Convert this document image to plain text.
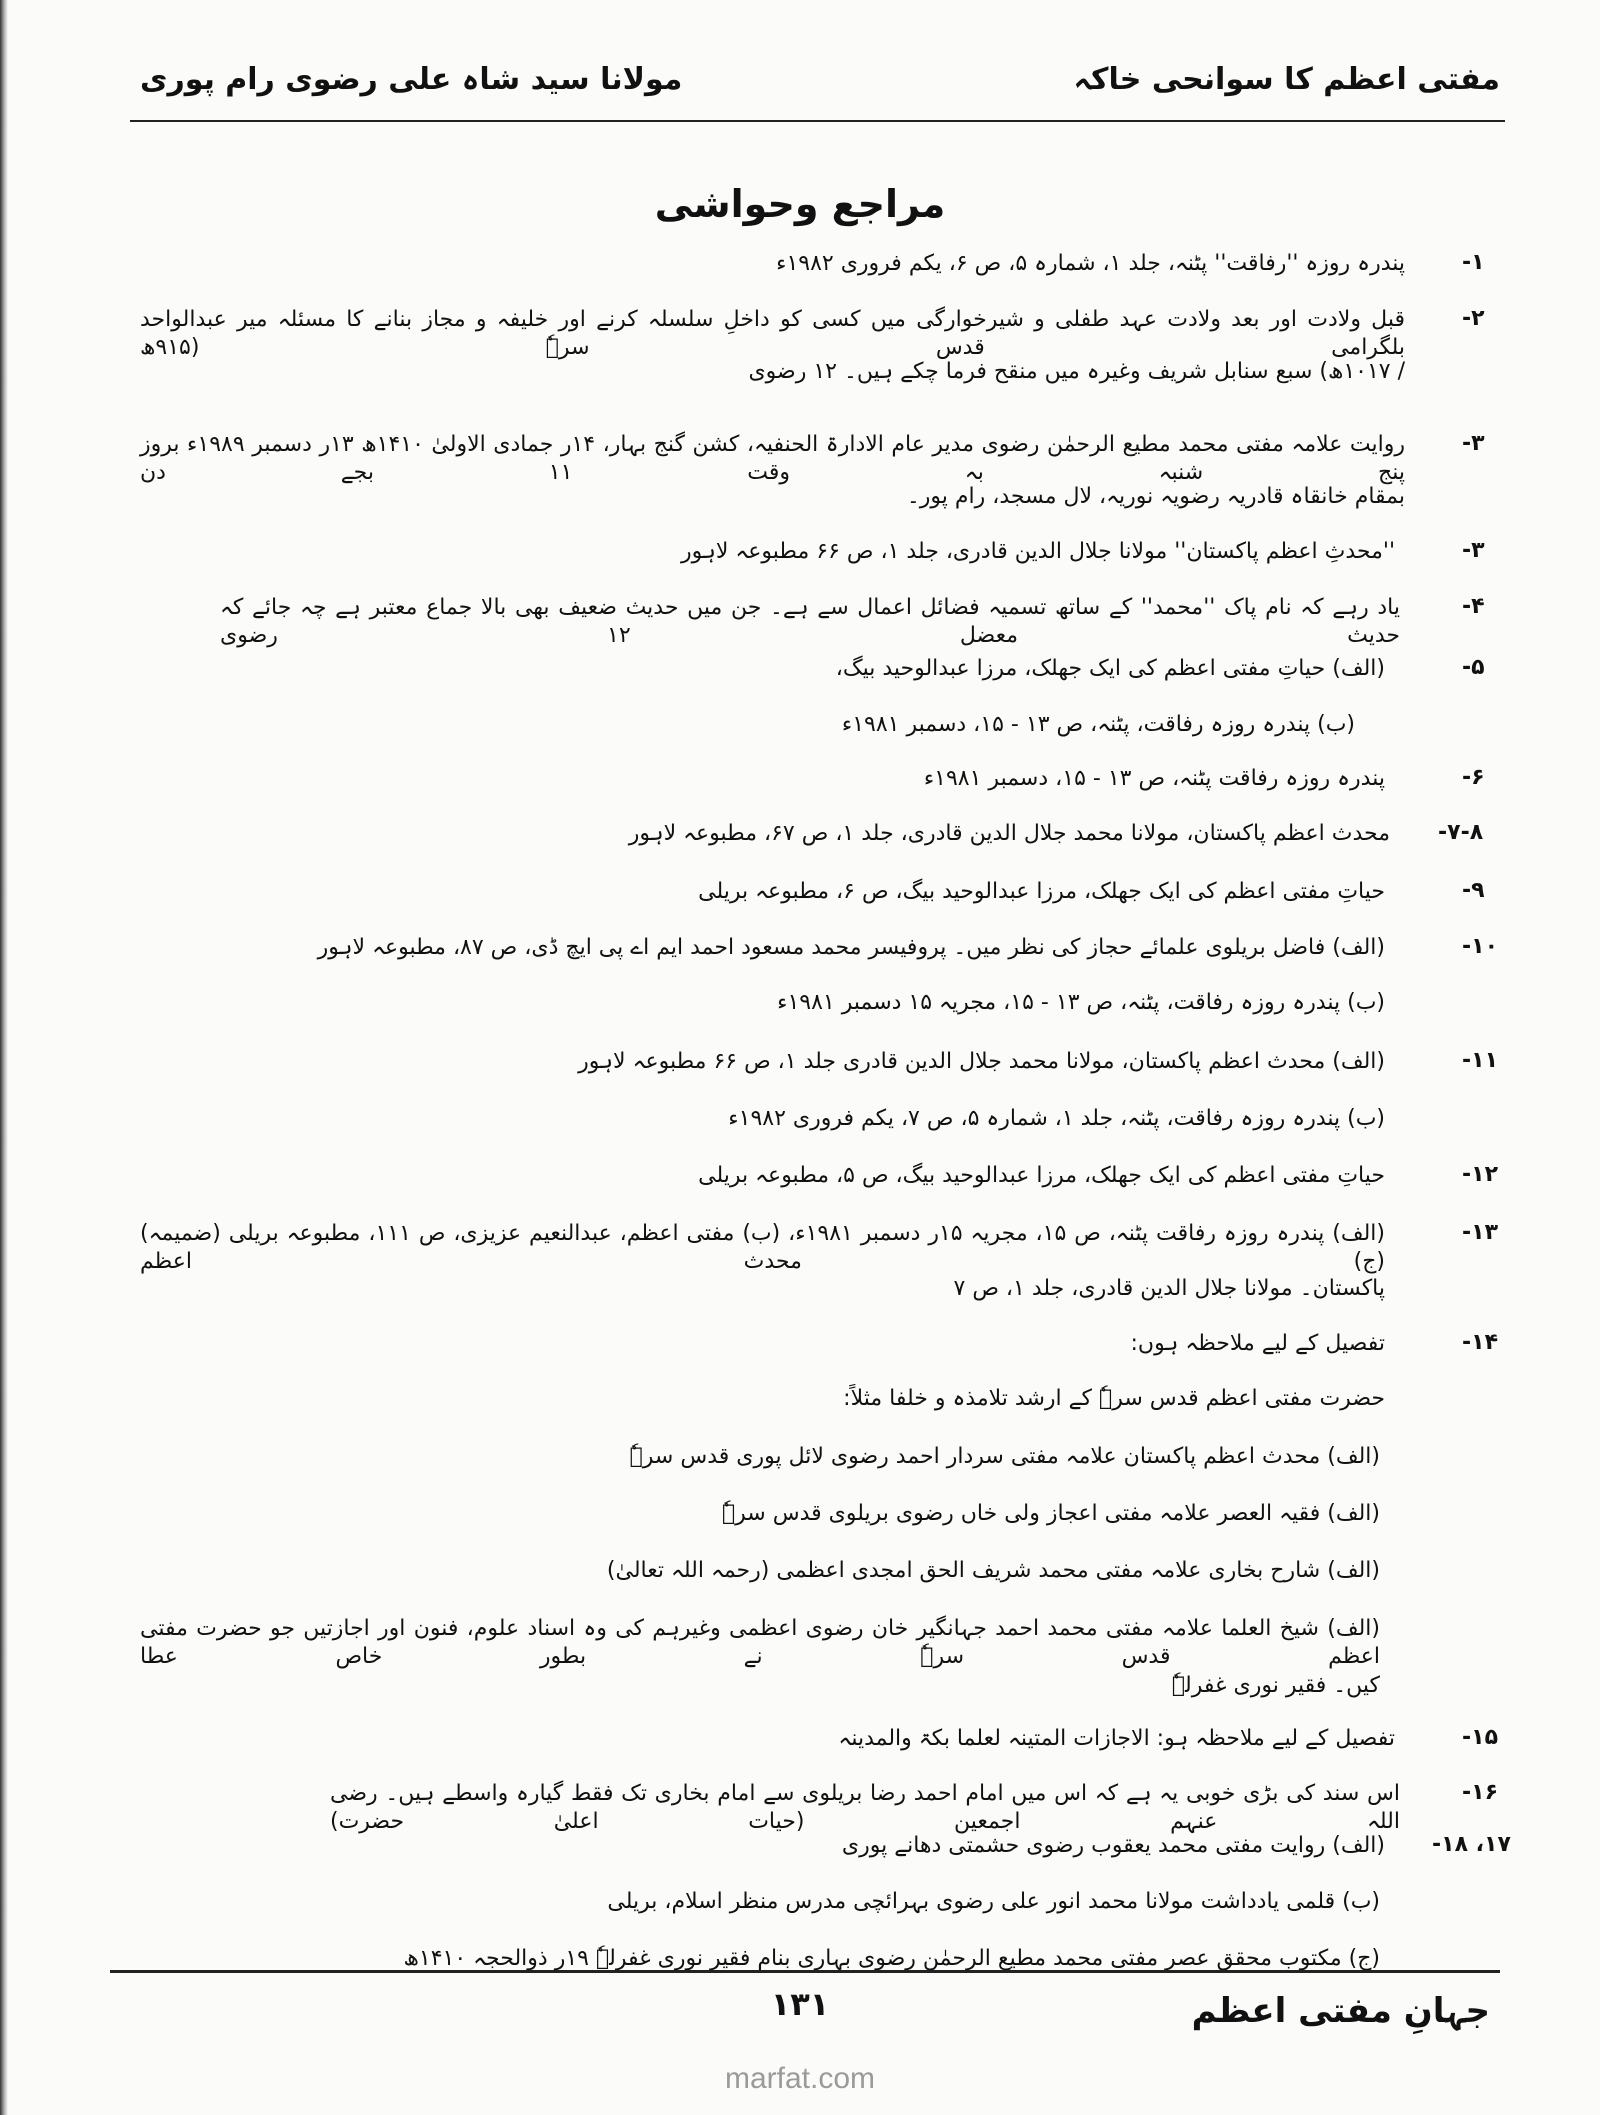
مفتی اعظم کا سوانحی خاکہ
مولانا سید شاہ علی رضوی رام پوری
مراجع وحواشی
۱-
پندرہ روزہ ''رفاقت'' پٹنہ، جلد ۱، شمارہ ۵، ص ۶، یکم فروری ۱۹۸۲ء
۲-
قبل ولادت اور بعد ولادت عہد طفلی و شیرخوارگی میں کسی کو داخلِ سلسلہ کرنے اور خلیفہ و مجاز بنانے کا مسئلہ میر عبدالواحد بلگرامی قدس سرہٗ (۹۱۵ھ
/ ۱۰۱۷ھ) سبع سنابل شریف وغیرہ میں منقح فرما چکے ہیں۔ ۱۲ رضوی
۳-
روایت علامہ مفتی محمد مطیع الرحمٰن رضوی مدیر عام الادارۃ الحنفیہ، کشن گنج بہار، ۱۴ر جمادی الاولیٰ ۱۴۱۰ھ ۱۳ر دسمبر ۱۹۸۹ء بروز پنج شنبہ بہ وقت ۱۱ بجے دن
بمقام خانقاہ قادریہ رضویہ نوریہ، لال مسجد، رام پور۔
۳-
''محدثِ اعظم پاکستان'' مولانا جلال الدین قادری، جلد ۱، ص ۶۶ مطبوعہ لاہور
۴-
یاد رہے کہ نام پاک ''محمد'' کے ساتھ تسمیہ فضائل اعمال سے ہے۔ جن میں حدیث ضعیف بھی بالا جماع معتبر ہے چہ جائے کہ حدیث معضل ۱۲ رضوی
۵-
(الف) حیاتِ مفتی اعظم کی ایک جھلک، مرزا عبدالوحید بیگ،
(ب) پندرہ روزہ رفاقت، پٹنہ، ص ۱۳ - ۱۵، دسمبر ۱۹۸۱ء
۶-
پندرہ روزہ رفاقت پٹنہ، ص ۱۳ - ۱۵، دسمبر ۱۹۸۱ء
۷-۸-
محدث اعظم پاکستان، مولانا محمد جلال الدین قادری، جلد ۱، ص ۶۷، مطبوعہ لاہور
۹-
حیاتِ مفتی اعظم کی ایک جھلک، مرزا عبدالوحید بیگ، ص ۶، مطبوعہ بریلی
۱۰-
(الف) فاضل بریلوی علمائے حجاز کی نظر میں۔ پروفیسر محمد مسعود احمد ایم اے پی ایچ ڈی، ص ۸۷، مطبوعہ لاہور
(ب) پندرہ روزہ رفاقت، پٹنہ، ص ۱۳ - ۱۵، مجریہ ۱۵ دسمبر ۱۹۸۱ء
۱۱-
(الف) محدث اعظم پاکستان، مولانا محمد جلال الدین قادری جلد ۱، ص ۶۶ مطبوعہ لاہور
(ب) پندرہ روزہ رفاقت، پٹنہ، جلد ۱، شمارہ ۵، ص ۷، یکم فروری ۱۹۸۲ء
۱۲-
حیاتِ مفتی اعظم کی ایک جھلک، مرزا عبدالوحید بیگ، ص ۵، مطبوعہ بریلی
۱۳-
(الف) پندرہ روزہ رفاقت پٹنہ، ص ۱۵، مجریہ ۱۵ر دسمبر ۱۹۸۱ء، (ب) مفتی اعظم، عبدالنعیم عزیزی، ص ۱۱۱، مطبوعہ بریلی (ضمیمہ) (ج) محدث اعظم
پاکستان۔ مولانا جلال الدین قادری، جلد ۱، ص ۷
۱۴-
تفصیل کے لیے ملاحظہ ہوں:
حضرت مفتی اعظم قدس سرہٗ کے ارشد تلامذہ و خلفا مثلاً:
(الف) محدث اعظم پاکستان علامہ مفتی سردار احمد رضوی لائل پوری قدس سرہٗ
(الف) فقیہ العصر علامہ مفتی اعجاز ولی خاں رضوی بریلوی قدس سرہٗ
(الف) شارح بخاری علامہ مفتی محمد شریف الحق امجدی اعظمی (رحمہ اللہ تعالیٰ)
(الف) شیخ العلما علامہ مفتی محمد احمد جہانگیر خان رضوی اعظمی وغیرہم کی وہ اسناد علوم، فنون اور اجازتیں جو حضرت مفتی اعظم قدس سرہٗ نے بطور خاص عطا
کیں۔ فقیر نوری غفرلہٗ
۱۵-
تفصیل کے لیے ملاحظہ ہو: الاجازات المتینہ لعلما بکۃ والمدینہ
۱۶-
اس سند کی بڑی خوبی یہ ہے کہ اس میں امام احمد رضا بریلوی سے امام بخاری تک فقط گیارہ واسطے ہیں۔ رضی اللہ عنہم اجمعین (حیات اعلیٰ حضرت)
۱۷، ۱۸-
(الف) روایت مفتی محمد یعقوب رضوی حشمتی دھانے پوری
(ب) قلمی یادداشت مولانا محمد انور علی رضوی بہرائچی مدرس منظر اسلام، بریلی
(ج) مکتوب محقق عصر مفتی محمد مطیع الرحمٰن رضوی بہاری بنام فقیر نوری غفرلہٗ ۱۹ر ذوالحجہ ۱۴۱۰ھ
۱۳۱	جہانِ مفتی اعظم
marfat.com
